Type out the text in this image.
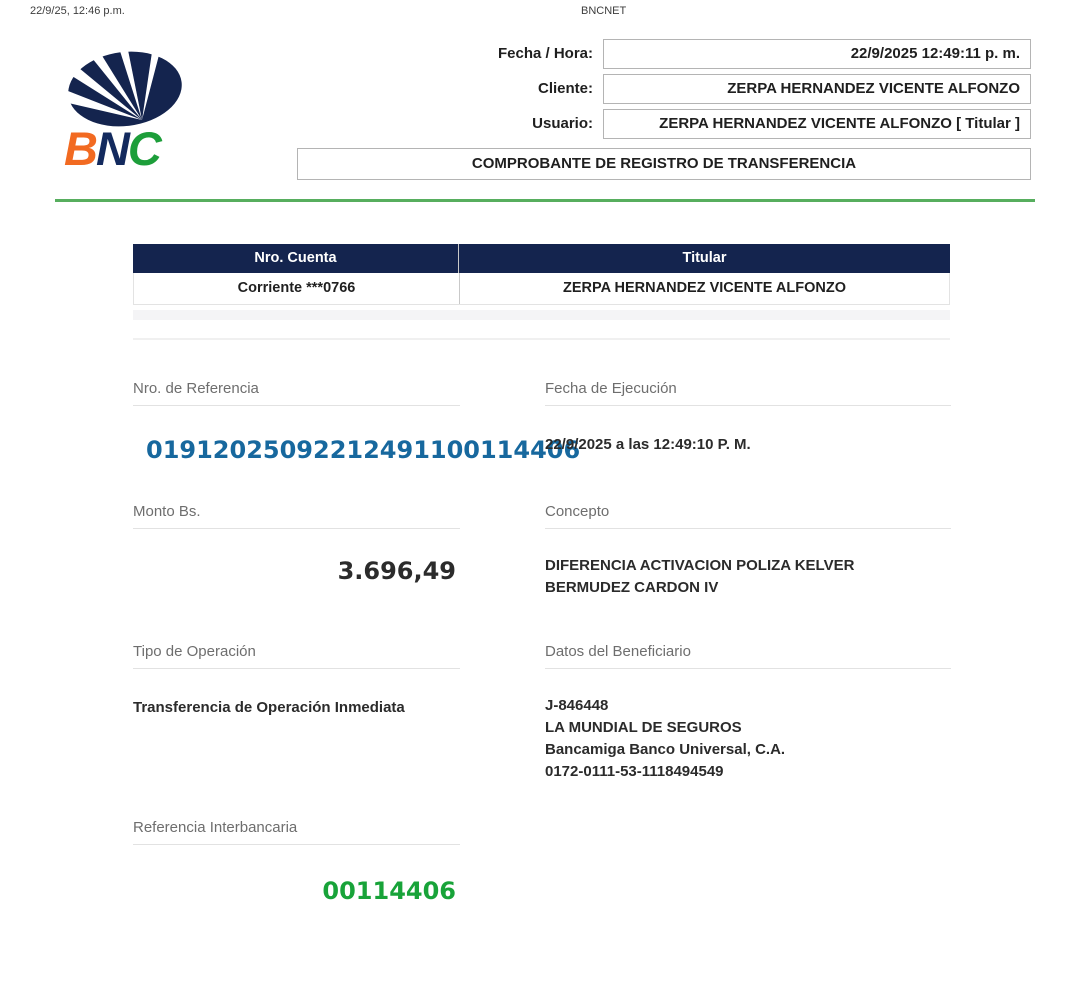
22/9/25, 12:46 p.m.	BNCNET
BNC
Fecha / Hora:	22/9/2025 12:49:11 p. m.
Cliente:	ZERPA HERNANDEZ VICENTE ALFONZO
Usuario:	ZERPA HERNANDEZ VICENTE ALFONZO [ Titular ]
COMPROBANTE DE REGISTRO DE TRANSFERENCIA
Nro. Cuenta	Titular
Corriente ***0766	ZERPA HERNANDEZ VICENTE ALFONZO
Nro. de Referencia
01912025092212491100114406
Fecha de Ejecución
22/9/2025 a las 12:49:10 P. M.
Monto Bs.
3.696,49
Concepto
DIFERENCIA ACTIVACION POLIZA KELVER BERMUDEZ CARDON IV
Tipo de Operación
Transferencia de Operación Inmediata
Datos del Beneficiario
J-846448
LA MUNDIAL DE SEGUROS
Bancamiga Banco Universal, C.A.
0172-0111-53-1118494549
Referencia Interbancaria
00114406
